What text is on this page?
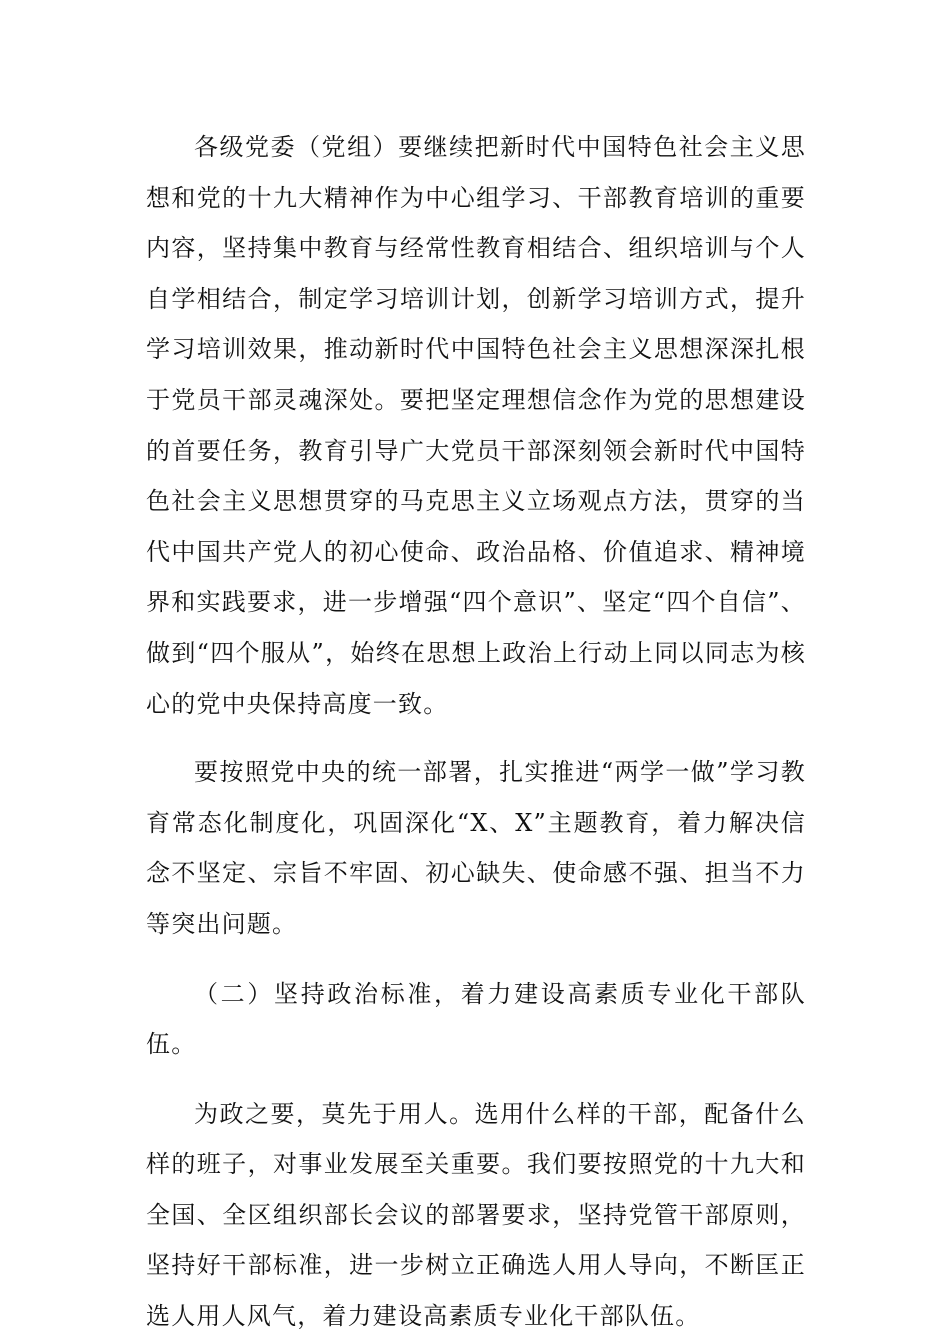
各级党委（党组）要继续把新时代中国特色社会主义思想和党的十九大精神作为中心组学习、干部教育培训的重要内容，坚持集中教育与经常性教育相结合、组织培训与个人自学相结合，制定学习培训计划，创新学习培训方式，提升学习培训效果，推动新时代中国特色社会主义思想深深扎根于党员干部灵魂深处。要把坚定理想信念作为党的思想建设的首要任务，教育引导广大党员干部深刻领会新时代中国特色社会主义思想贯穿的马克思主义立场观点方法，贯穿的当代中国共产党人的初心使命、政治品格、价值追求、精神境界和实践要求，进一步增强“四个意识”、坚定“四个自信”、做到“四个服从”，始终在思想上政治上行动上同以同志为核心的党中央保持高度一致。

要按照党中央的统一部署，扎实推进“两学一做”学习教育常态化制度化，巩固深化“X、X”主题教育，着力解决信念不坚定、宗旨不牢固、初心缺失、使命感不强、担当不力等突出问题。

（二）坚持政治标准，着力建设高素质专业化干部队伍。

为政之要，莫先于用人。选用什么样的干部，配备什么样的班子，对事业发展至关重要。我们要按照党的十九大和全国、全区组织部长会议的部署要求，坚持党管干部原则，坚持好干部标准，进一步树立正确选人用人导向，不断匡正选人用人风气，着力建设高素质专业化干部队伍。
